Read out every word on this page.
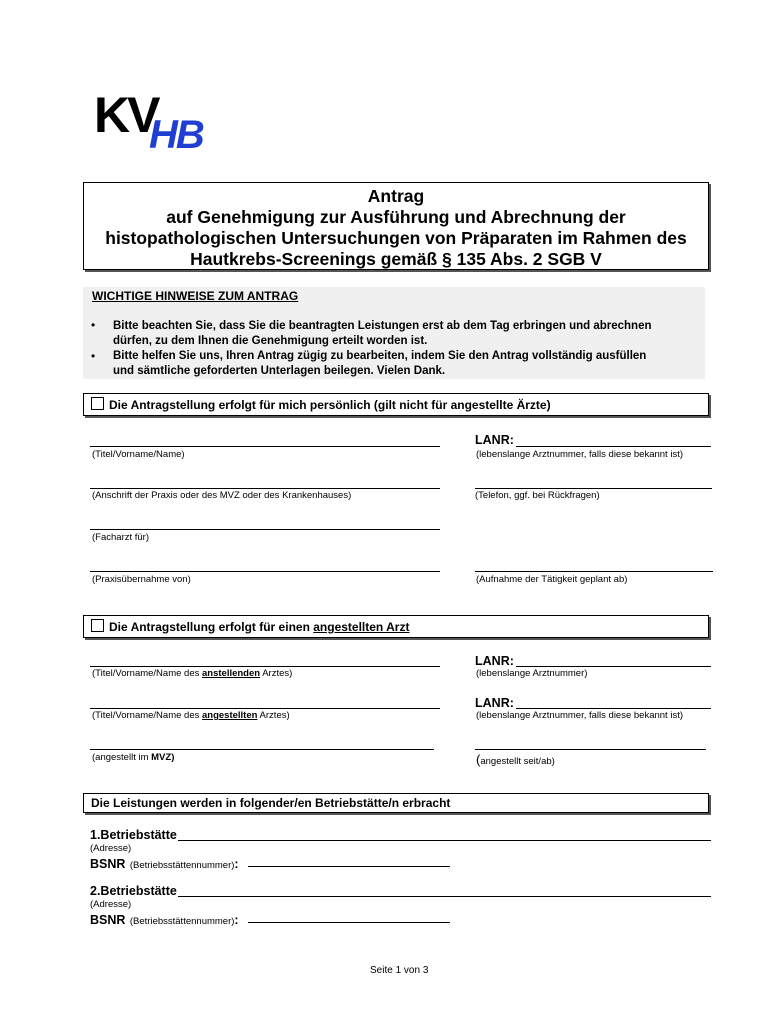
KV
HB
Antrag
auf Genehmigung zur Ausführung und Abrechnung der
histopathologischen Untersuchungen von Präparaten im Rahmen des
Hautkrebs-Screenings gemäß § 135 Abs. 2 SGB V
WICHTIGE HINWEISE ZUM ANTRAG
• Bitte beachten Sie, dass Sie die beantragten Leistungen erst ab dem Tag erbringen und abrechnen
dürfen, zu dem Ihnen die Genehmigung erteilt worden ist.
• Bitte helfen Sie uns, Ihren Antrag zügig zu bearbeiten, indem Sie den Antrag vollständig ausfüllen
und sämtliche geforderten Unterlagen beilegen. Vielen Dank.
Die Antragstellung erfolgt für mich persönlich (gilt nicht für angestellte Ärzte)
LANR:
(Titel/Vorname/Name)	(lebenslange Arztnummer, falls diese bekannt ist)
(Anschrift der Praxis oder des MVZ oder des Krankenhauses)	(Telefon, ggf. bei Rückfragen)
(Facharzt für)
(Praxisübernahme von)	(Aufnahme der Tätigkeit geplant ab)
Die Antragstellung erfolgt für einen angestellten Arzt
LANR:
(Titel/Vorname/Name des anstellenden Arztes)	(lebenslange Arztnummer)
LANR:
(Titel/Vorname/Name des angestellten Arztes)	(lebenslange Arztnummer, falls diese bekannt ist)
(angestellt im MVZ)	(angestellt seit/ab)
Die Leistungen werden in folgender/en Betriebstätte/n erbracht
1.Betriebstätte
(Adresse)
BSNR (Betriebsstättennummer):
2.Betriebstätte
(Adresse)
BSNR (Betriebsstättennummer):
Seite 1 von 3
